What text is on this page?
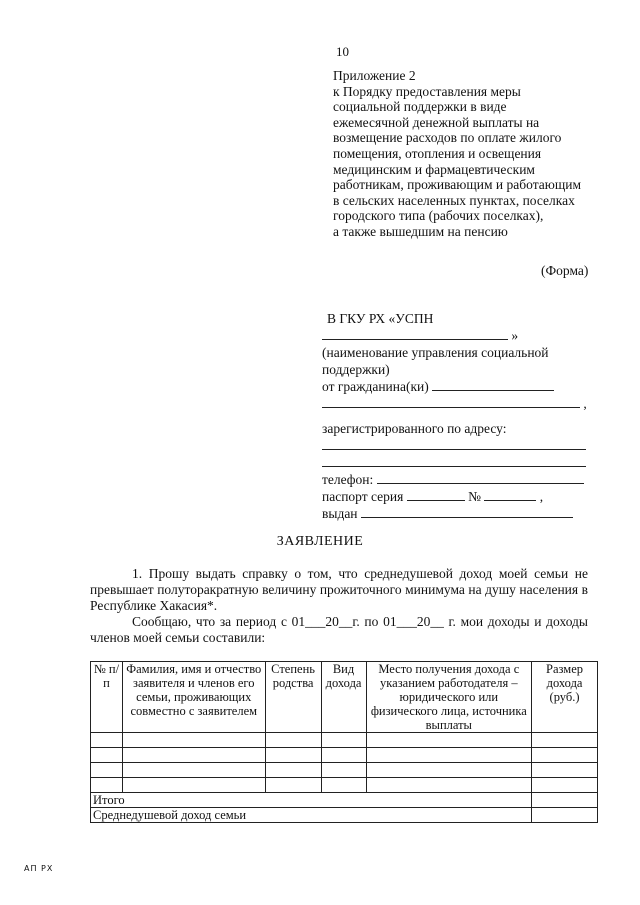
10
Приложение 2
к Порядку предоставления меры
социальной поддержки в виде
ежемесячной денежной выплаты на
возмещение расходов по оплате жилого
помещения, отопления и освещения
медицинским и фармацевтическим
работникам, проживающим и работающим
в сельских населенных пунктах, поселках
городского типа (рабочих поселках),
а также вышедшим на пенсию
(Форма)
В ГКУ РХ «УСПН
»
(наименование управления социальной
поддержки)
от гражданина(ки)
,
зарегистрированного по адресу:
телефон:
паспорт серия	№	,
выдан
ЗАЯВЛЕНИЕ
1. Прошу выдать справку о том, что среднедушевой доход моей семьи не превышает полуторакратную величину прожиточного минимума на душу населения в Республике Хакасия*.
Сообщаю, что за период с 01___20__г. по 01___20__ г. мои доходы и доходы членов моей семьи составили:
№ п/п	Фамилия, имя и отчество заявителя и членов его семьи, проживающих совместно с заявителем	Степень родства	Вид дохода	Место получения дохода с указанием работодателя – юридического или физического лица, источника выплаты	Размер дохода (руб.)

Итого					
Среднедушевой доход семьи					
АП РХ
